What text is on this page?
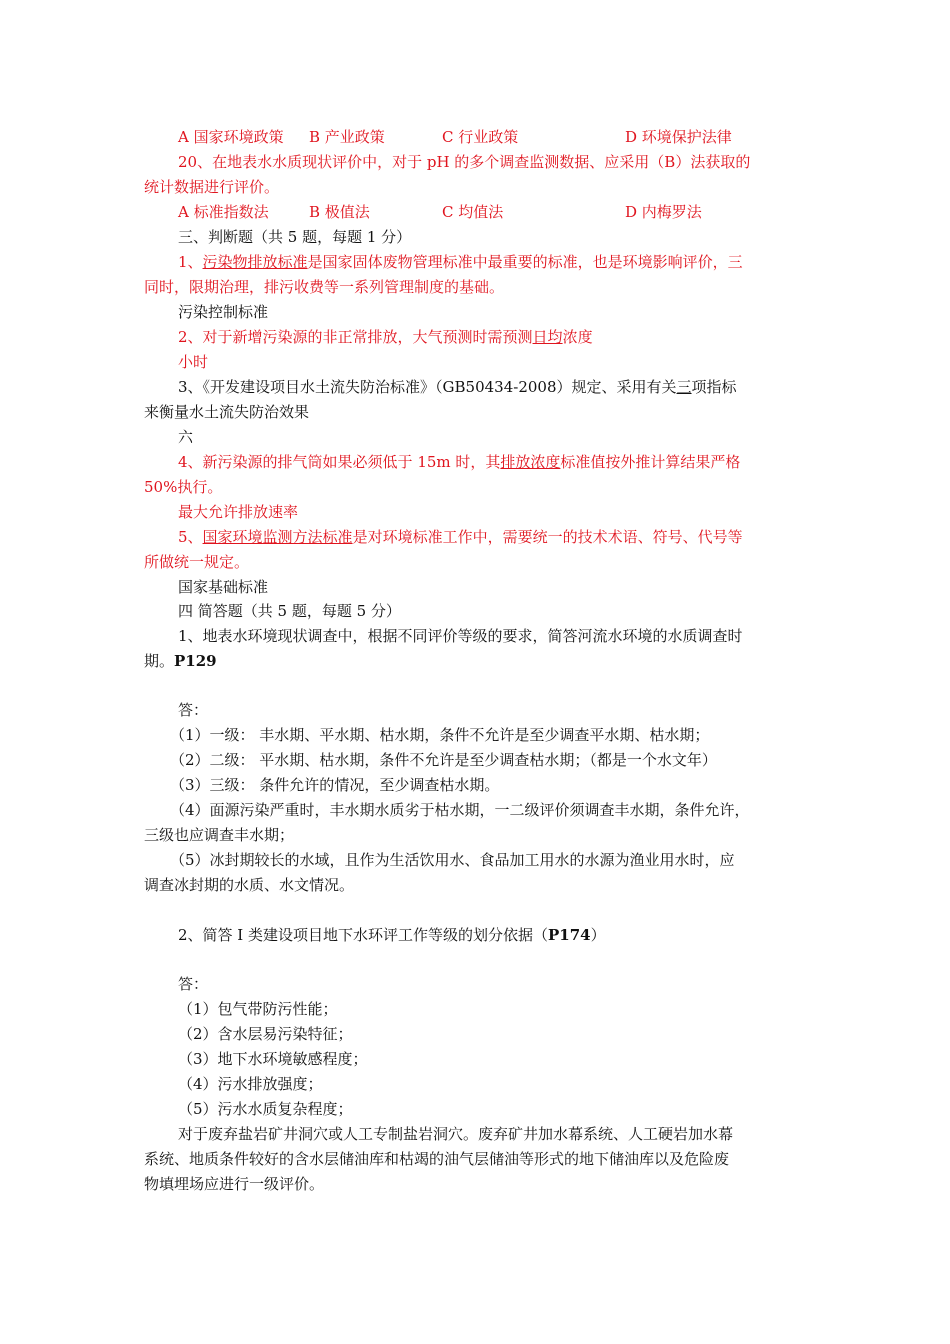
A 国家环境政策 B 产业政策	C 行业政策	D 环境保护法律
20、在地表水水质现状评价中，对于 pH 的多个调查监测数据、应采用（B）法获取的
统计数据进行评价。
A 标准指数法	B 极值法	C 均值法	D 内梅罗法
三、判断题（共 5 题，每题 1 分）
1、污染物排放标准是国家固体废物管理标准中最重要的标准，也是环境影响评价，三
同时，限期治理，排污收费等一系列管理制度的基础。
污染控制标准
2、对于新增污染源的非正常排放，大气预测时需预测日均浓度
小时
3、《开发建设项目水土流失防治标准》（GB50434-2008）规定、采用有关三项指标
来衡量水土流失防治效果
六
4、新污染源的排气筒如果必须低于 15m 时，其排放浓度标准值按外推计算结果严格
50%执行。
最大允许排放速率
5、国家环境监测方法标准是对环境标准工作中，需要统一的技术术语、符号、代号等
所做统一规定。
国家基础标准
四 简答题（共 5 题，每题 5 分）
1、地表水环境现状调查中，根据不同评价等级的要求，简答河流水环境的水质调查时
期。P129
答：
（1）一级： 丰水期、平水期、枯水期，条件不允许是至少调查平水期、枯水期；
（2）二级： 平水期、枯水期，条件不允许是至少调查枯水期；（都是一个水文年）
（3）三级： 条件允许的情况，至少调查枯水期。
（4）面源污染严重时，丰水期水质劣于枯水期，一二级评价须调查丰水期，条件允许，
三级也应调查丰水期；
（5）冰封期较长的水域，且作为生活饮用水、食品加工用水的水源为渔业用水时，应
调查冰封期的水质、水文情况。
2、简答 I 类建设项目地下水环评工作等级的划分依据（P174）
答：
（1）包气带防污性能；
（2）含水层易污染特征；
（3）地下水环境敏感程度；
（4）污水排放强度；
（5）污水水质复杂程度；
对于废弃盐岩矿井洞穴或人工专制盐岩洞穴。废弃矿井加水幕系统、人工硬岩加水幕
系统、地质条件较好的含水层储油库和枯竭的油气层储油等形式的地下储油库以及危险废
物填埋场应进行一级评价。
